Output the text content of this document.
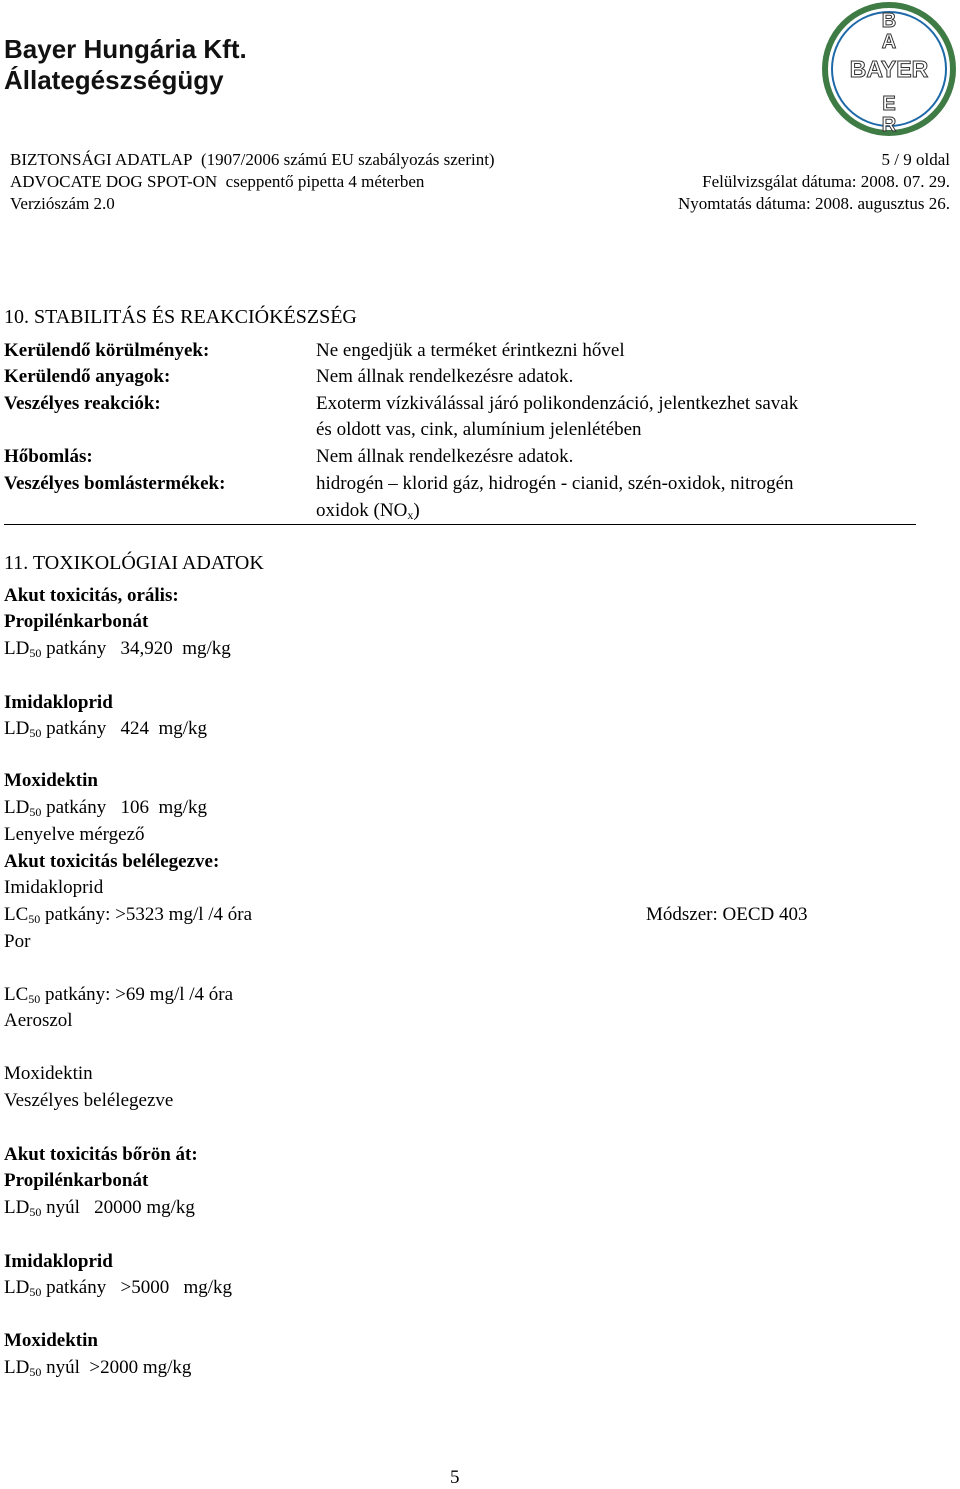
Bayer Hungária Kft.
Állategészségügy
B
A
E
R
BAYER
BIZTONSÁGI ADATLAP (1907/2006 számú EU szabályozás szerint)	5 / 9 oldal
ADVOCATE DOG SPOT-ON cseppentő pipetta 4 méterben	Felülvizsgálat dátuma: 2008. 07. 29.
Verziószám 2.0	Nyomtatás dátuma: 2008. augusztus 26.
10. STABILITÁS ÉS REAKCIÓKÉSZSÉG
Kerülendő körülmények:	Ne engedjük a terméket érintkezni hővel
Kerülendő anyagok:	Nem állnak rendelkezésre adatok.
Veszélyes reakciók:	Exoterm vízkiválással járó polikondenzáció, jelentkezhet savak
és oldott vas, cink, alumínium jelenlétében
Hőbomlás:	Nem állnak rendelkezésre adatok.
Veszélyes bomlástermékek:	hidrogén – klorid gáz, hidrogén - cianid, szén-oxidok, nitrogén
oxidok $(NO_x)$
11. TOXIKOLÓGIAI ADATOK
Akut toxicitás, orális:
Propilénkarbonát
$LD_{50}$ patkány   34,920  mg/kg
Imidakloprid
$LD_{50}$ patkány   424  mg/kg
Moxidektin
$LD_{50}$ patkány   106  mg/kg
Lenyelve mérgező
Akut toxicitás belélegezve:
Imidakloprid
$LC_{50}$ patkány: >5323 mg/l /4 óra	Módszer: OECD 403
Por
$LC_{50}$ patkány: >69 mg/l /4 óra
Aeroszol
Moxidektin
Veszélyes belélegezve
Akut toxicitás bőrön át:
Propilénkarbonát
$LD_{50}$ nyúl   20000 mg/kg
Imidakloprid
$LD_{50}$ patkány   >5000   mg/kg
Moxidektin
$LD_{50}$ nyúl  >2000 mg/kg
5
